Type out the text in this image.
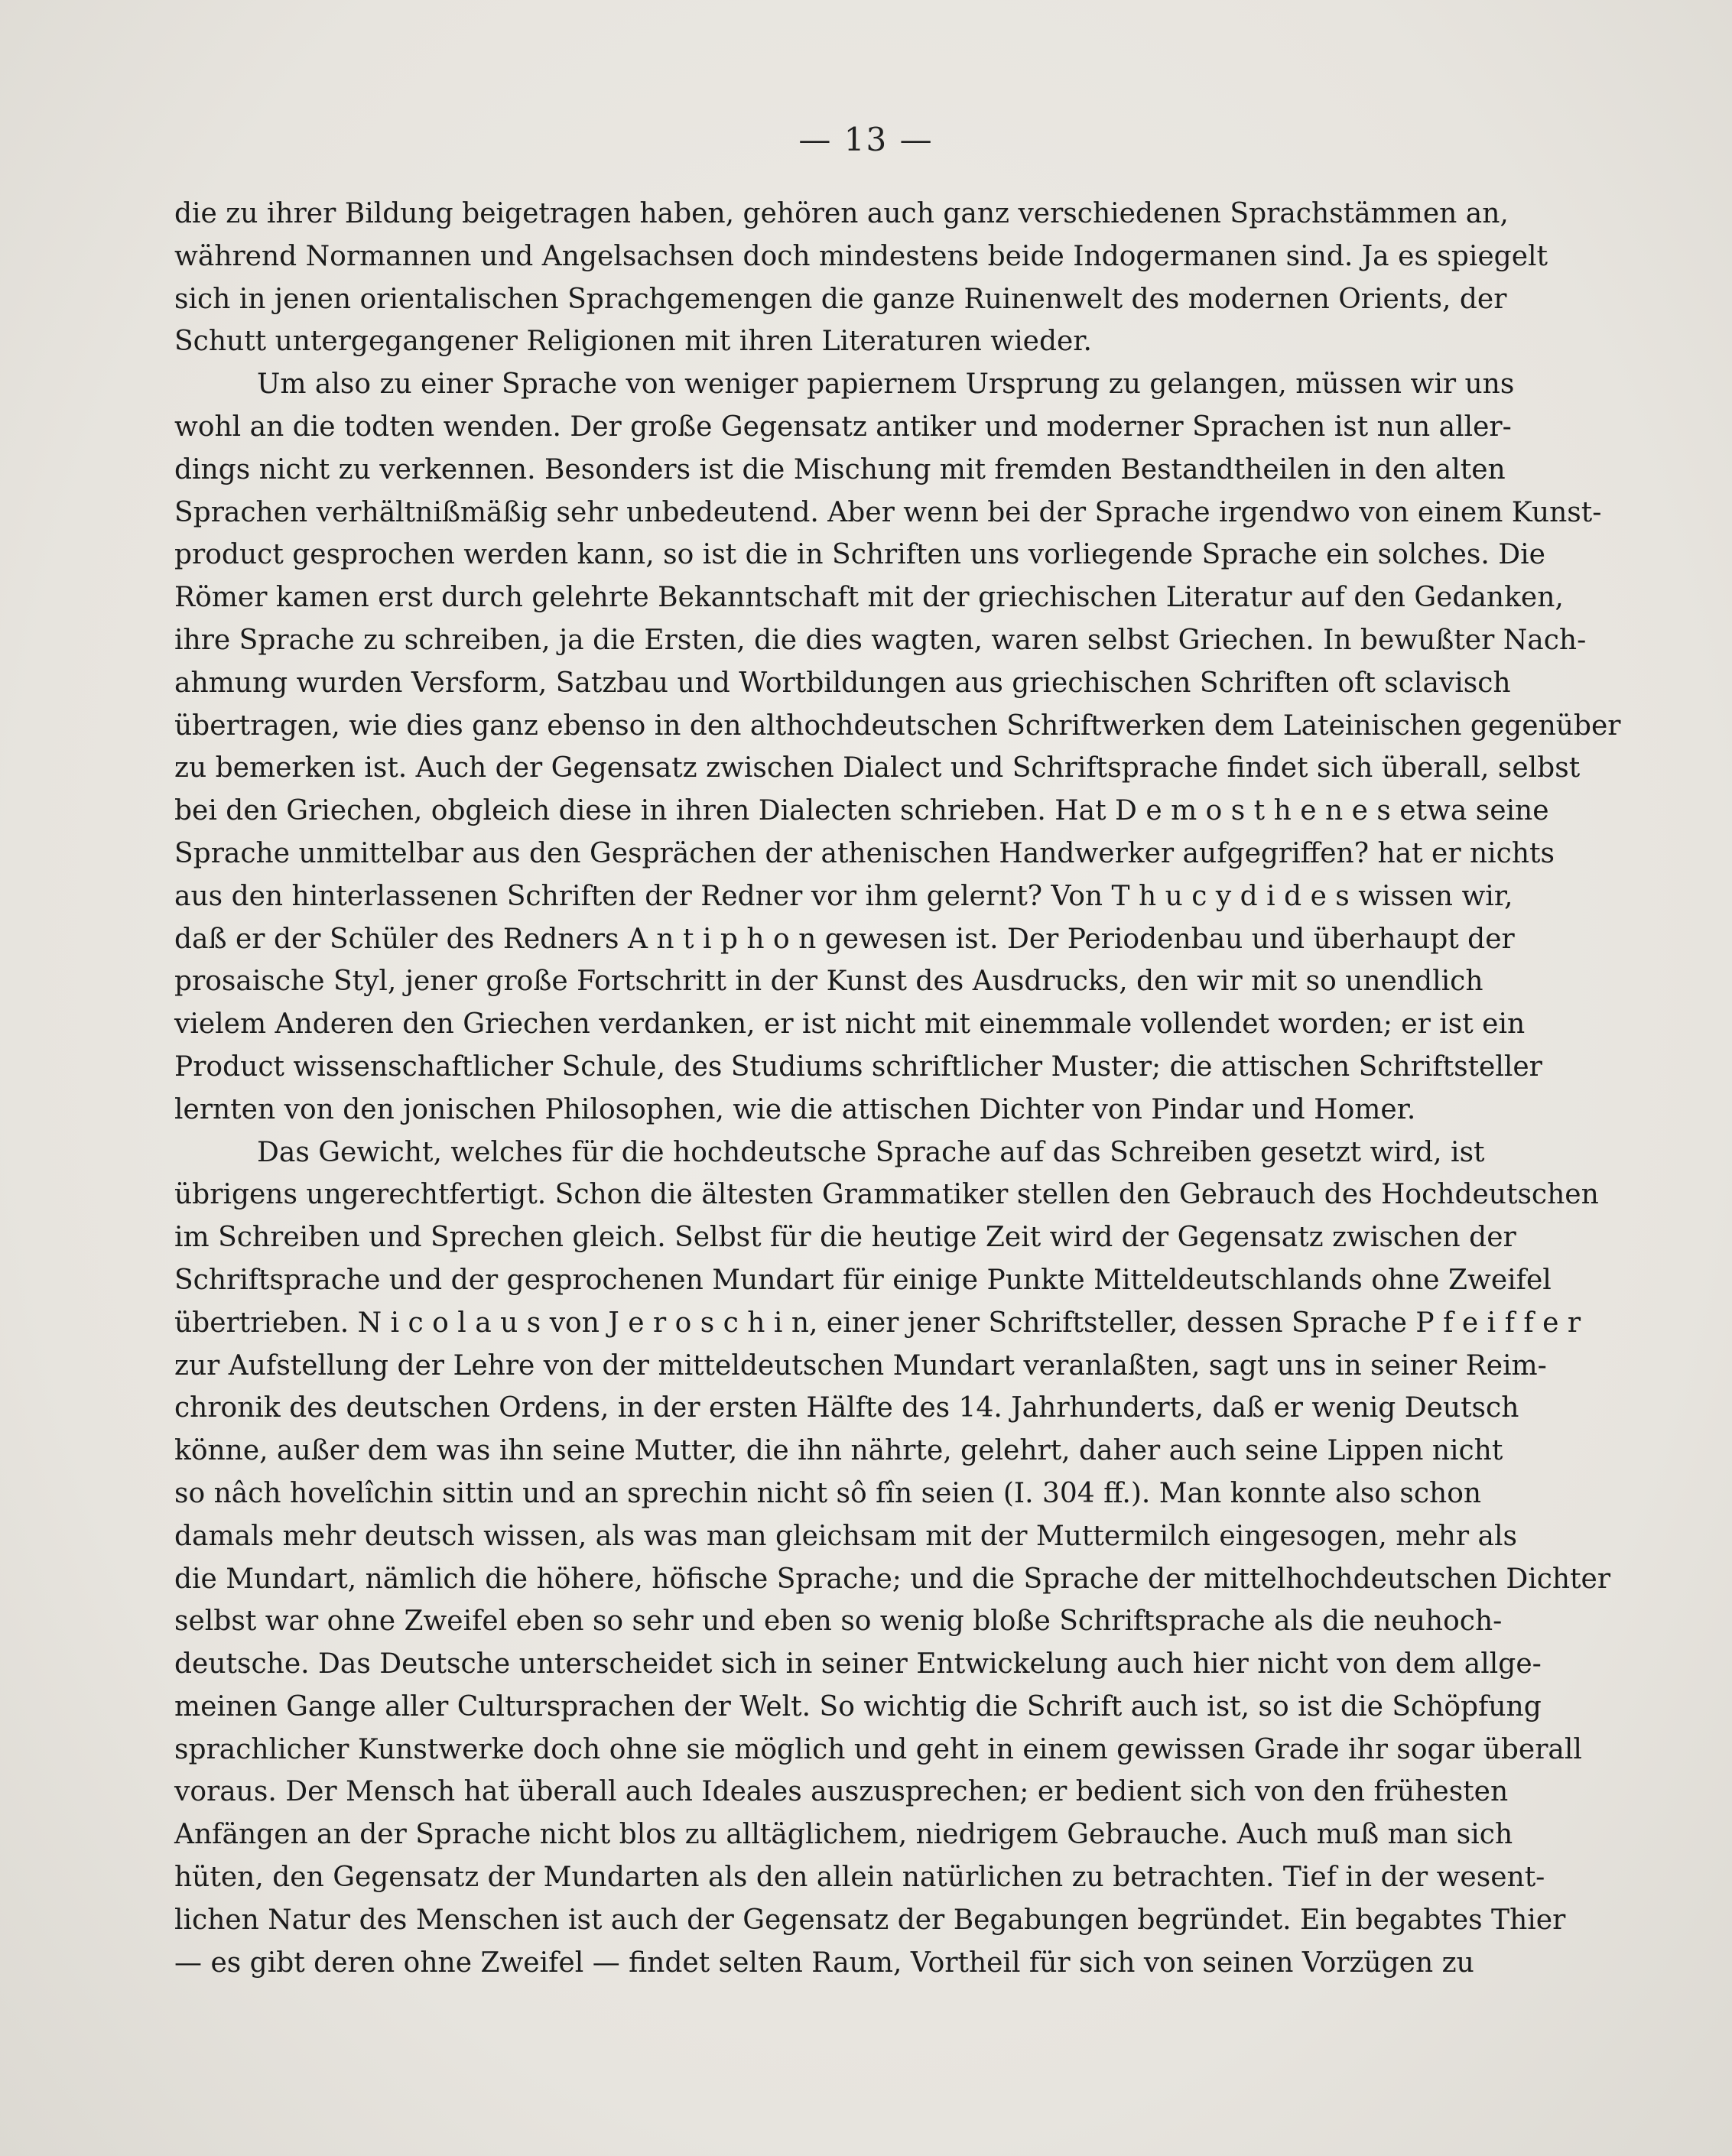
— 13 —
die zu ihrer Bildung beigetragen haben, gehören auch ganz verschiedenen Sprachstämmen an,
während Normannen und Angelsachsen doch mindestens beide Indogermanen sind. Ja es spiegelt
sich in jenen orientalischen Sprachgemengen die ganze Ruinenwelt des modernen Orients, der
Schutt untergegangener Religionen mit ihren Literaturen wieder.
Um also zu einer Sprache von weniger papiernem Ursprung zu gelangen, müssen wir uns
wohl an die todten wenden. Der große Gegensatz antiker und moderner Sprachen ist nun aller-
dings nicht zu verkennen. Besonders ist die Mischung mit fremden Bestandtheilen in den alten
Sprachen verhältnißmäßig sehr unbedeutend. Aber wenn bei der Sprache irgendwo von einem Kunst-
product gesprochen werden kann, so ist die in Schriften uns vorliegende Sprache ein solches. Die
Römer kamen erst durch gelehrte Bekanntschaft mit der griechischen Literatur auf den Gedanken,
ihre Sprache zu schreiben, ja die Ersten, die dies wagten, waren selbst Griechen. In bewußter Nach-
ahmung wurden Versform, Satzbau und Wortbildungen aus griechischen Schriften oft sclavisch
übertragen, wie dies ganz ebenso in den althochdeutschen Schriftwerken dem Lateinischen gegenüber
zu bemerken ist. Auch der Gegensatz zwischen Dialect und Schriftsprache findet sich überall, selbst
bei den Griechen, obgleich diese in ihren Dialecten schrieben. Hat D e m o s t h e n e s etwa seine
Sprache unmittelbar aus den Gesprächen der athenischen Handwerker aufgegriffen? hat er nichts
aus den hinterlassenen Schriften der Redner vor ihm gelernt? Von T h u c y d i d e s wissen wir,
daß er der Schüler des Redners A n t i p h o n gewesen ist. Der Periodenbau und überhaupt der
prosaische Styl, jener große Fortschritt in der Kunst des Ausdrucks, den wir mit so unendlich
vielem Anderen den Griechen verdanken, er ist nicht mit einemmale vollendet worden; er ist ein
Product wissenschaftlicher Schule, des Studiums schriftlicher Muster; die attischen Schriftsteller
lernten von den jonischen Philosophen, wie die attischen Dichter von Pindar und Homer.
Das Gewicht, welches für die hochdeutsche Sprache auf das Schreiben gesetzt wird, ist
übrigens ungerechtfertigt. Schon die ältesten Grammatiker stellen den Gebrauch des Hochdeutschen
im Schreiben und Sprechen gleich. Selbst für die heutige Zeit wird der Gegensatz zwischen der
Schriftsprache und der gesprochenen Mundart für einige Punkte Mitteldeutschlands ohne Zweifel
übertrieben. N i c o l a u s von J e r o s c h i n, einer jener Schriftsteller, dessen Sprache P f e i f f e r
zur Aufstellung der Lehre von der mitteldeutschen Mundart veranlaßten, sagt uns in seiner Reim-
chronik des deutschen Ordens, in der ersten Hälfte des 14. Jahrhunderts, daß er wenig Deutsch
könne, außer dem was ihn seine Mutter, die ihn nährte, gelehrt, daher auch seine Lippen nicht
so nâch hovelîchin sittin und an sprechin nicht sô fîn seien (I. 304 ff.). Man konnte also schon
damals mehr deutsch wissen, als was man gleichsam mit der Muttermilch eingesogen, mehr als
die Mundart, nämlich die höhere, höfische Sprache; und die Sprache der mittelhochdeutschen Dichter
selbst war ohne Zweifel eben so sehr und eben so wenig bloße Schriftsprache als die neuhoch-
deutsche. Das Deutsche unterscheidet sich in seiner Entwickelung auch hier nicht von dem allge-
meinen Gange aller Cultursprachen der Welt. So wichtig die Schrift auch ist, so ist die Schöpfung
sprachlicher Kunstwerke doch ohne sie möglich und geht in einem gewissen Grade ihr sogar überall
voraus. Der Mensch hat überall auch Ideales auszusprechen; er bedient sich von den frühesten
Anfängen an der Sprache nicht blos zu alltäglichem, niedrigem Gebrauche. Auch muß man sich
hüten, den Gegensatz der Mundarten als den allein natürlichen zu betrachten. Tief in der wesent-
lichen Natur des Menschen ist auch der Gegensatz der Begabungen begründet. Ein begabtes Thier
— es gibt deren ohne Zweifel — findet selten Raum, Vortheil für sich von seinen Vorzügen zu
